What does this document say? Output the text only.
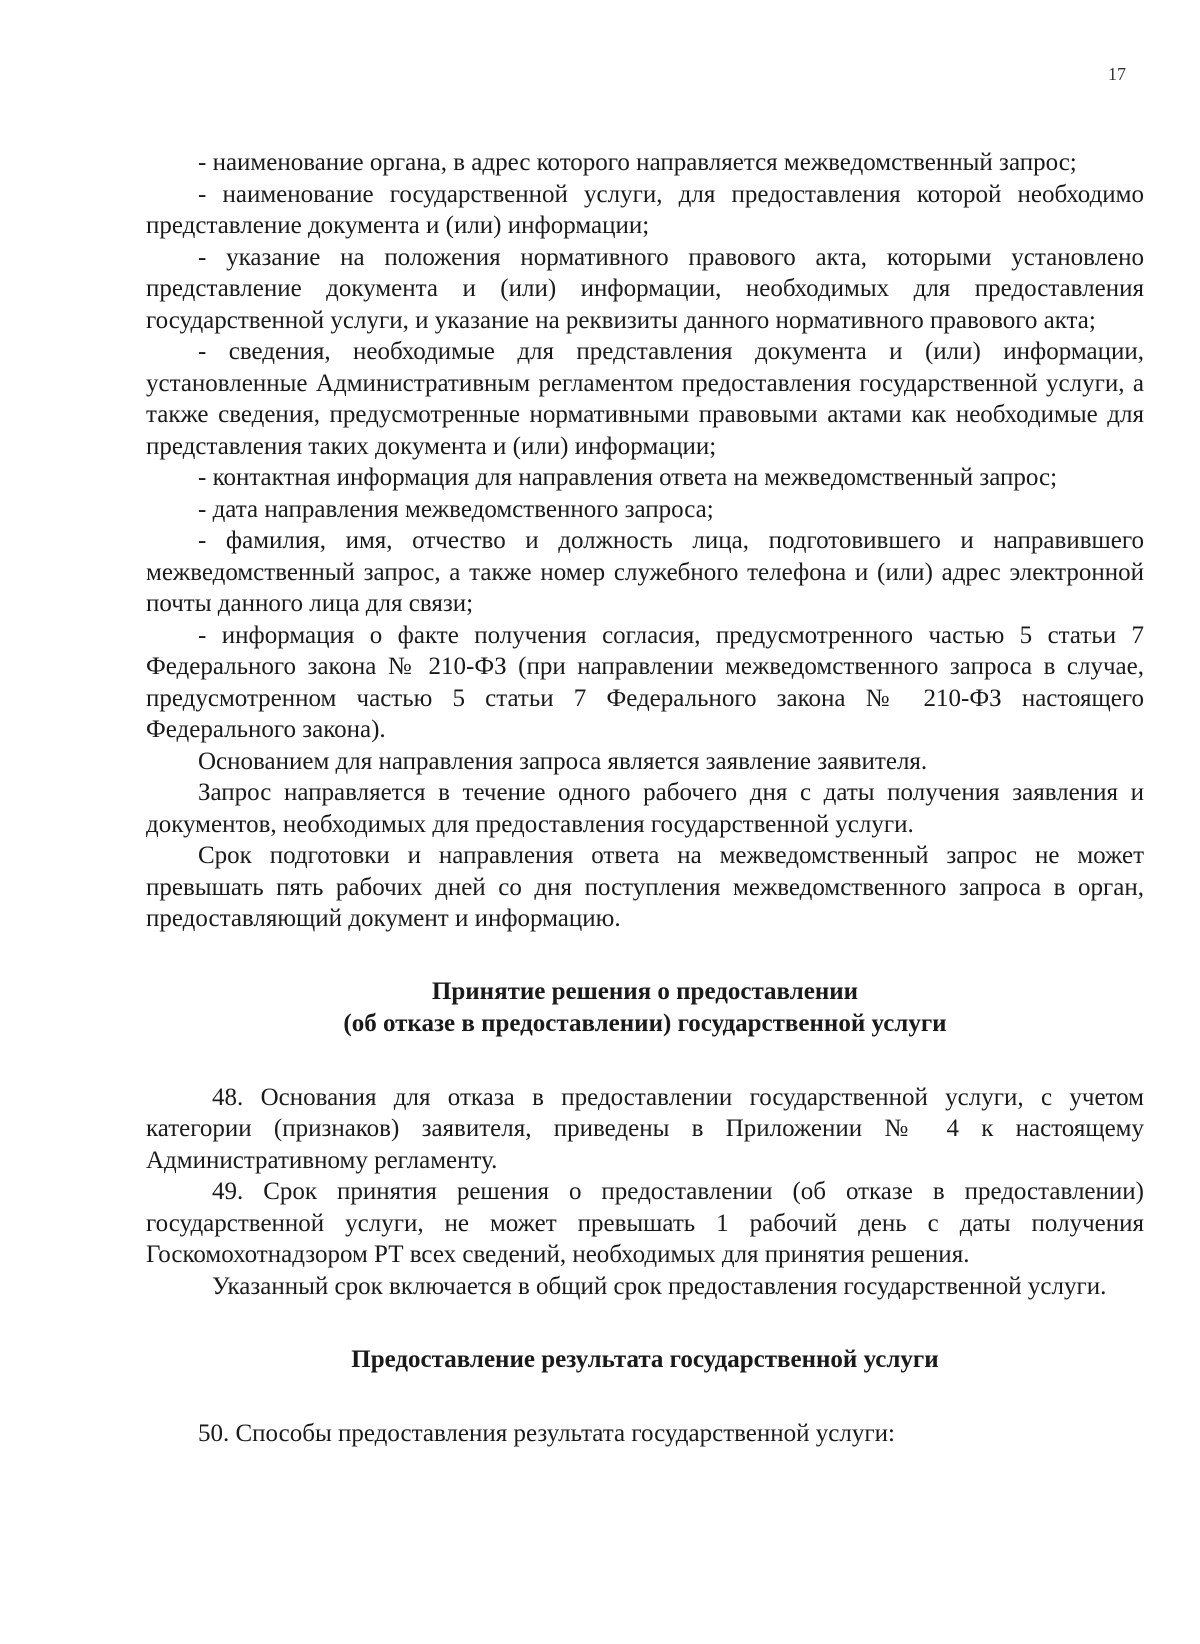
17

- наименование органа, в адрес которого направляется межведомственный запрос;

- наименование государственной услуги, для предоставления которой необходимо представление документа и (или) информации;

- указание на положения нормативного правового акта, которыми установлено представление документа и (или) информации, необходимых для предоставления государственной услуги, и указание на реквизиты данного нормативного правового акта;

- сведения, необходимые для представления документа и (или) информации, установленные Административным регламентом предоставления государственной услуги, а также сведения, предусмотренные нормативными правовыми актами как необходимые для представления таких документа и (или) информации;

- контактная информация для направления ответа на межведомственный запрос;

- дата направления межведомственного запроса;

- фамилия, имя, отчество и должность лица, подготовившего и направившего межведомственный запрос, а также номер служебного телефона и (или) адрес электронной почты данного лица для связи;

- информация о факте получения согласия, предусмотренного частью 5 статьи 7 Федерального закона № 210-ФЗ (при направлении межведомственного запроса в случае, предусмотренном частью 5 статьи 7 Федерального закона № 210-ФЗ настоящего Федерального закона).

Основанием для направления запроса является заявление заявителя.

Запрос направляется в течение одного рабочего дня с даты получения заявления и документов, необходимых для предоставления государственной услуги.

Срок подготовки и направления ответа на межведомственный запрос не может превышать пять рабочих дней со дня поступления межведомственного запроса в орган, предоставляющий документ и информацию.

Принятие решения о предоставлении
(об отказе в предоставлении) государственной услуги

48. Основания для отказа в предоставлении государственной услуги, с учетом категории (признаков) заявителя, приведены в Приложении № 4 к настоящему Административному регламенту.

49. Срок принятия решения о предоставлении (об отказе в предоставлении) государственной услуги, не может превышать 1 рабочий день с даты получения Госкомохотнадзором РТ всех сведений, необходимых для принятия решения.

Указанный срок включается в общий срок предоставления государственной услуги.

Предоставление результата государственной услуги

50. Способы предоставления результата государственной услуги:
